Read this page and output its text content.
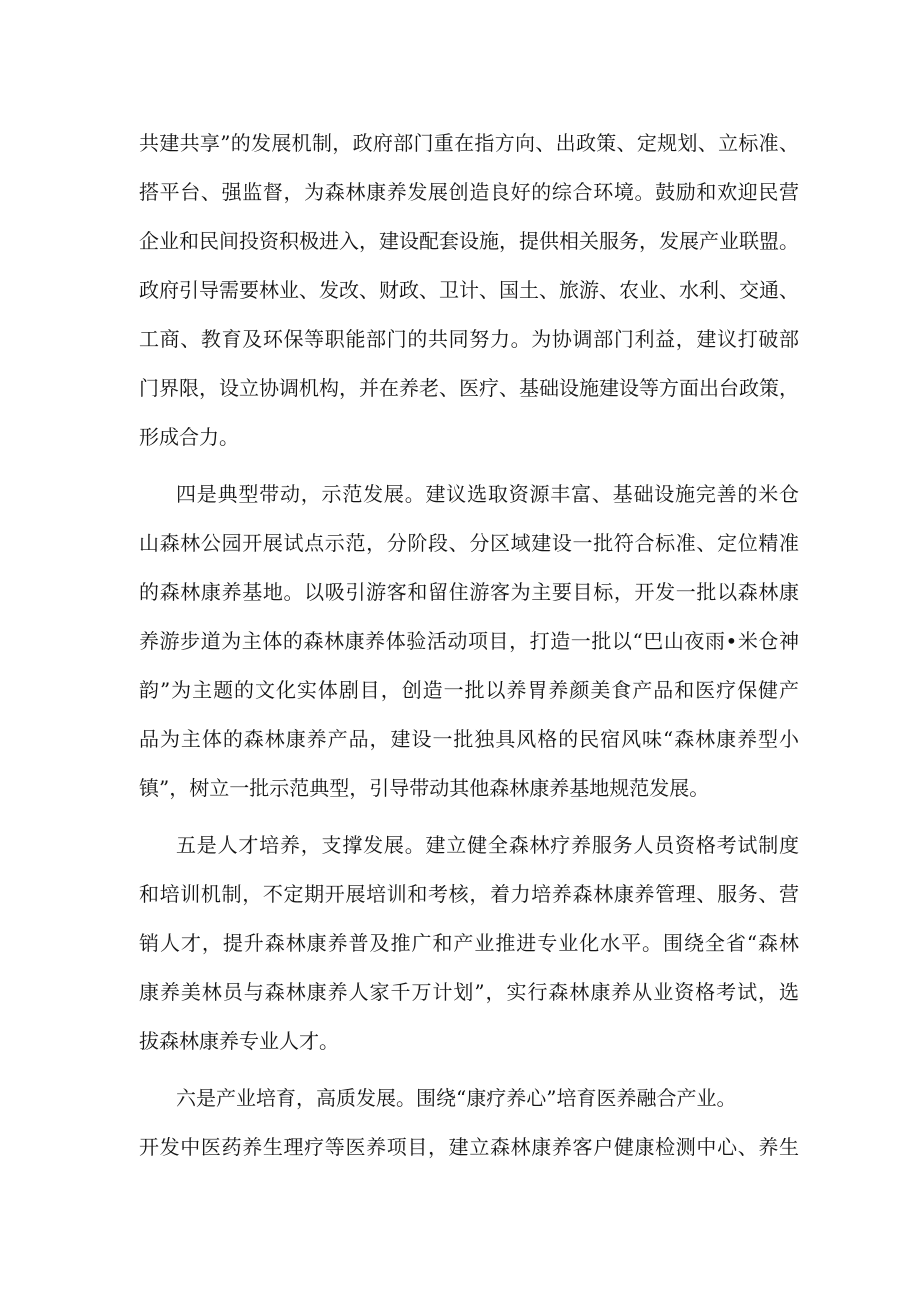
共建共享”的发展机制，政府部门重在指方向、出政策、定规划、立标准、
搭平台、强监督，为森林康养发展创造良好的综合环境。鼓励和欢迎民营
企业和民间投资积极进入，建设配套设施，提供相关服务，发展产业联盟。
政府引导需要林业、发改、财政、卫计、国土、旅游、农业、水利、交通、
工商、教育及环保等职能部门的共同努力。为协调部门利益，建议打破部
门界限，设立协调机构，并在养老、医疗、基础设施建设等方面出台政策，
形成合力。
四是典型带动，示范发展。建议选取资源丰富、基础设施完善的米仓
山森林公园开展试点示范，分阶段、分区域建设一批符合标准、定位精准
的森林康养基地。以吸引游客和留住游客为主要目标，开发一批以森林康
养游步道为主体的森林康养体验活动项目，打造一批以“巴山夜雨•米仓神
韵”为主题的文化实体剧目，创造一批以养胃养颜美食产品和医疗保健产
品为主体的森林康养产品，建设一批独具风格的民宿风味“森林康养型小
镇”，树立一批示范典型，引导带动其他森林康养基地规范发展。
五是人才培养，支撑发展。建立健全森林疗养服务人员资格考试制度
和培训机制，不定期开展培训和考核，着力培养森林康养管理、服务、营
销人才，提升森林康养普及推广和产业推进专业化水平。围绕全省“森林
康养美林员与森林康养人家千万计划”，实行森林康养从业资格考试，选
拔森林康养专业人才。
六是产业培育，高质发展。围绕“康疗养心”培育医养融合产业。
开发中医药养生理疗等医养项目，建立森林康养客户健康检测中心、养生
